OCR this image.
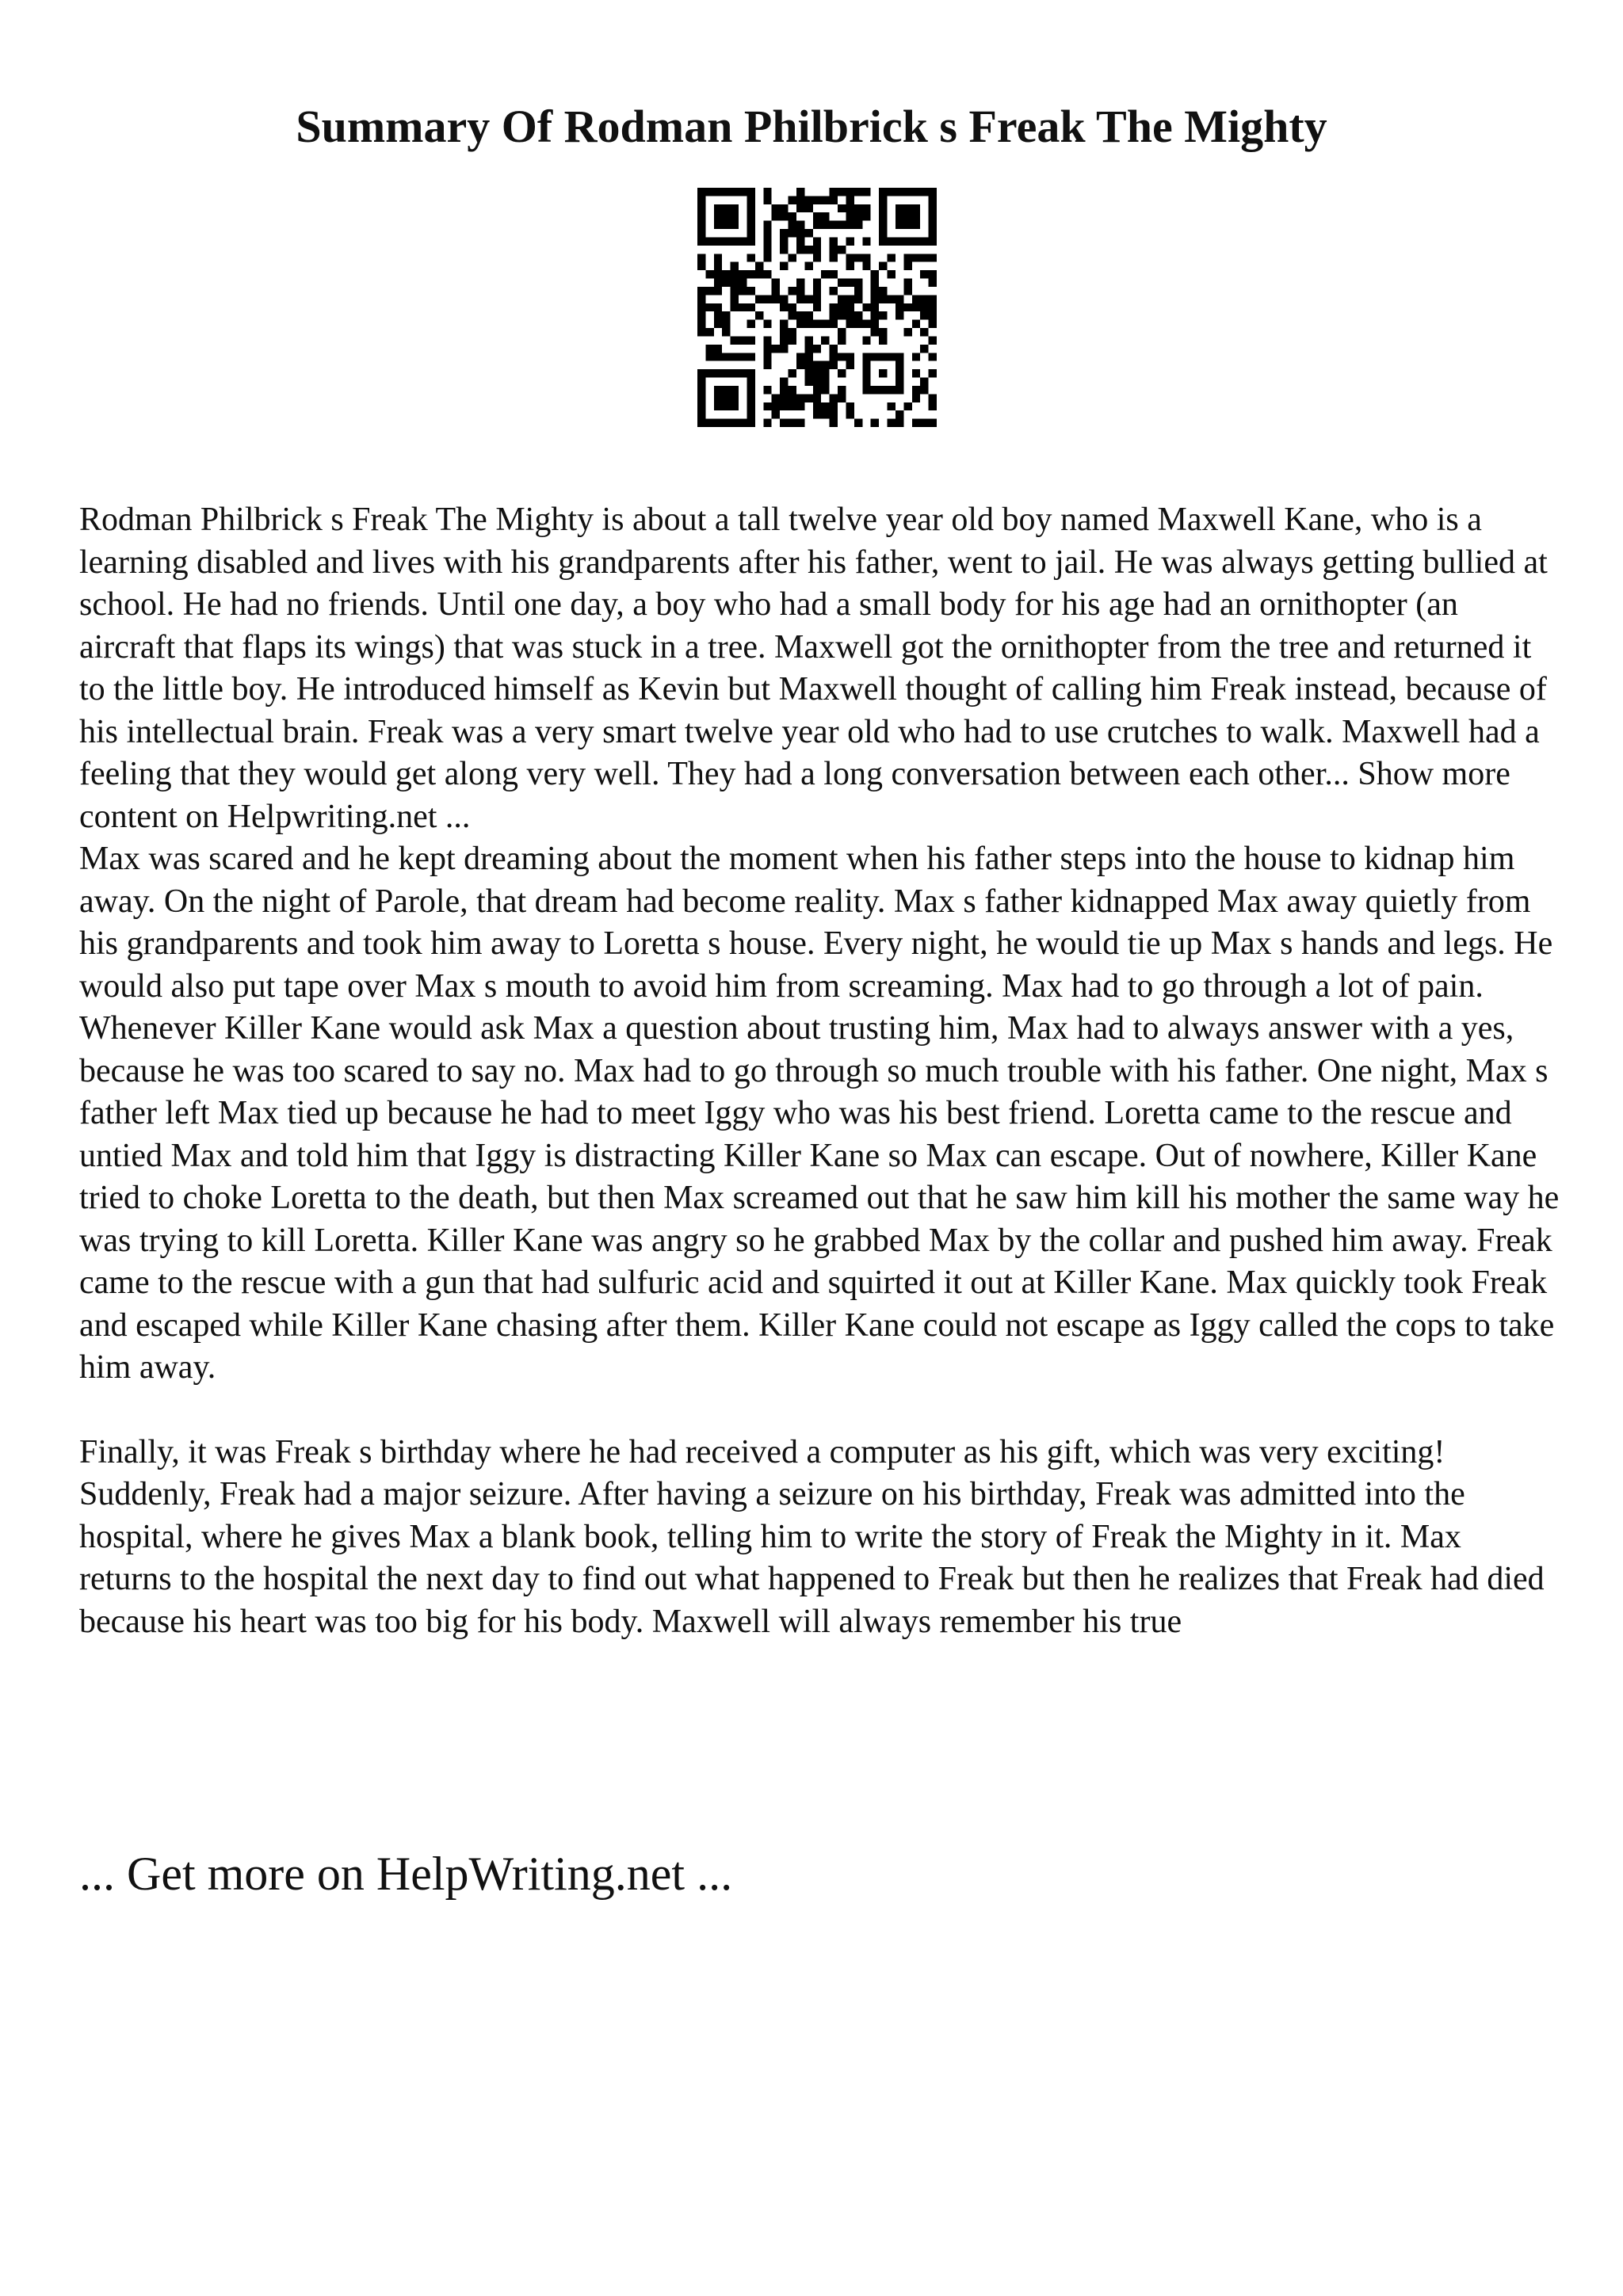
Summary Of Rodman Philbrick s Freak The Mighty

Rodman Philbrick s Freak The Mighty is about a tall twelve year old boy named Maxwell Kane, who is a learning disabled and lives with his grandparents after his father, went to jail. He was always getting bullied at school. He had no friends. Until one day, a boy who had a small body for his age had an ornithopter (an aircraft that flaps its wings) that was stuck in a tree. Maxwell got the ornithopter from the tree and returned it to the little boy. He introduced himself as Kevin but Maxwell thought of calling him Freak instead, because of his intellectual brain. Freak was a very smart twelve year old who had to use crutches to walk. Maxwell had a feeling that they would get along very well. They had a long conversation between each other... Show more content on Helpwriting.net ...

Max was scared and he kept dreaming about the moment when his father steps into the house to kidnap him away. On the night of Parole, that dream had become reality. Max s father kidnapped Max away quietly from his grandparents and took him away to Loretta s house. Every night, he would tie up Max s hands and legs. He would also put tape over Max s mouth to avoid him from screaming. Max had to go through a lot of pain. Whenever Killer Kane would ask Max a question about trusting him, Max had to always answer with a yes, because he was too scared to say no. Max had to go through so much trouble with his father. One night, Max s father left Max tied up because he had to meet Iggy who was his best friend. Loretta came to the rescue and untied Max and told him that Iggy is distracting Killer Kane so Max can escape. Out of nowhere, Killer Kane tried to choke Loretta to the death, but then Max screamed out that he saw him kill his mother the same way he was trying to kill Loretta. Killer Kane was angry so he grabbed Max by the collar and pushed him away. Freak came to the rescue with a gun that had sulfuric acid and squirted it out at Killer Kane. Max quickly took Freak and escaped while Killer Kane chasing after them. Killer Kane could not escape as Iggy called the cops to take him away.

Finally, it was Freak s birthday where he had received a computer as his gift, which was very exciting! Suddenly, Freak had a major seizure. After having a seizure on his birthday, Freak was admitted into the hospital, where he gives Max a blank book, telling him to write the story of Freak the Mighty in it. Max returns to the hospital the next day to find out what happened to Freak but then he realizes that Freak had died because his heart was too big for his body. Maxwell will always remember his true

... Get more on HelpWriting.net ...
